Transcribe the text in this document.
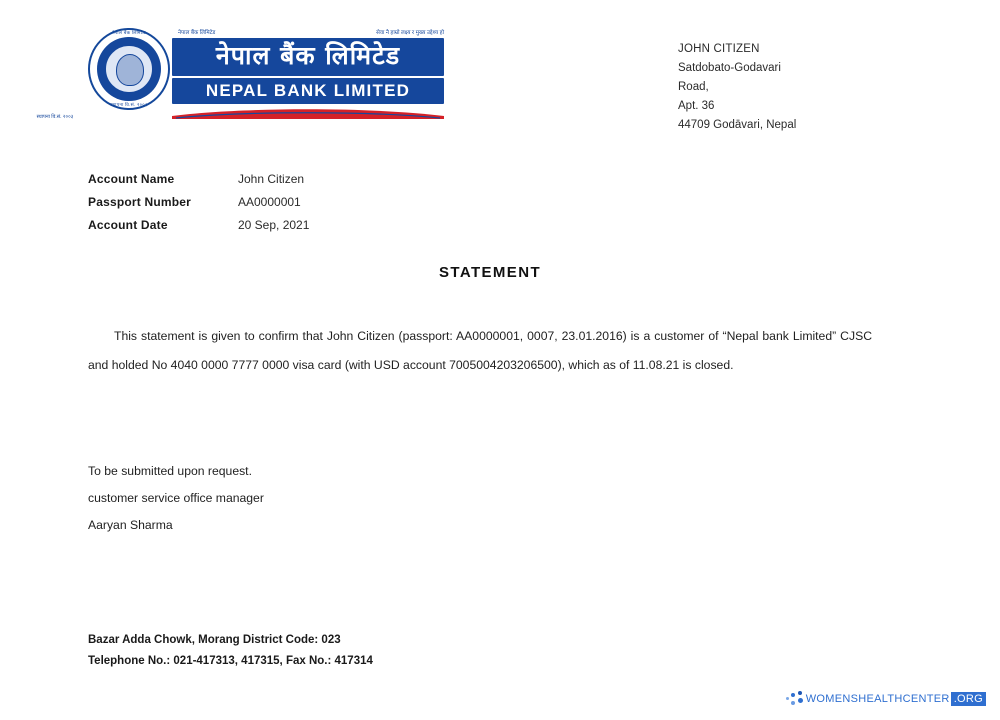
नेपाल बैंक लिमिटेड
स्थापना वि.सं. २००३
नेपाल बैंक लिमिटेड	सेवा नै हाम्रो लक्ष्य र मुख्य उद्देश्य हो
नेपाल बैंक लिमिटेड
NEPAL BANK LIMITED
स्थापना वि.सं. २००३
JOHN CITIZEN
Satdobato-Godavari
Road,
Apt. 36
44709 Godāvari, Nepal
Account Name	John Citizen
Passport Number	AA0000001
Account Date	20 Sep, 2021
STATEMENT
This statement is given to confirm that John Citizen (passport: AA0000001, 0007, 23.01.2016) is a customer of “Nepal bank Limited” CJSC and holded No 4040 0000 7777 0000 visa card (with USD account 7005004203206500), which as of 11.08.21 is closed.
To be submitted upon request.
customer service office manager
Aaryan Sharma
Bazar Adda Chowk, Morang District Code: 023
Telephone No.: 021-417313, 417315, Fax No.: 417314
WOMENSHEALTHCENTER .ORG
